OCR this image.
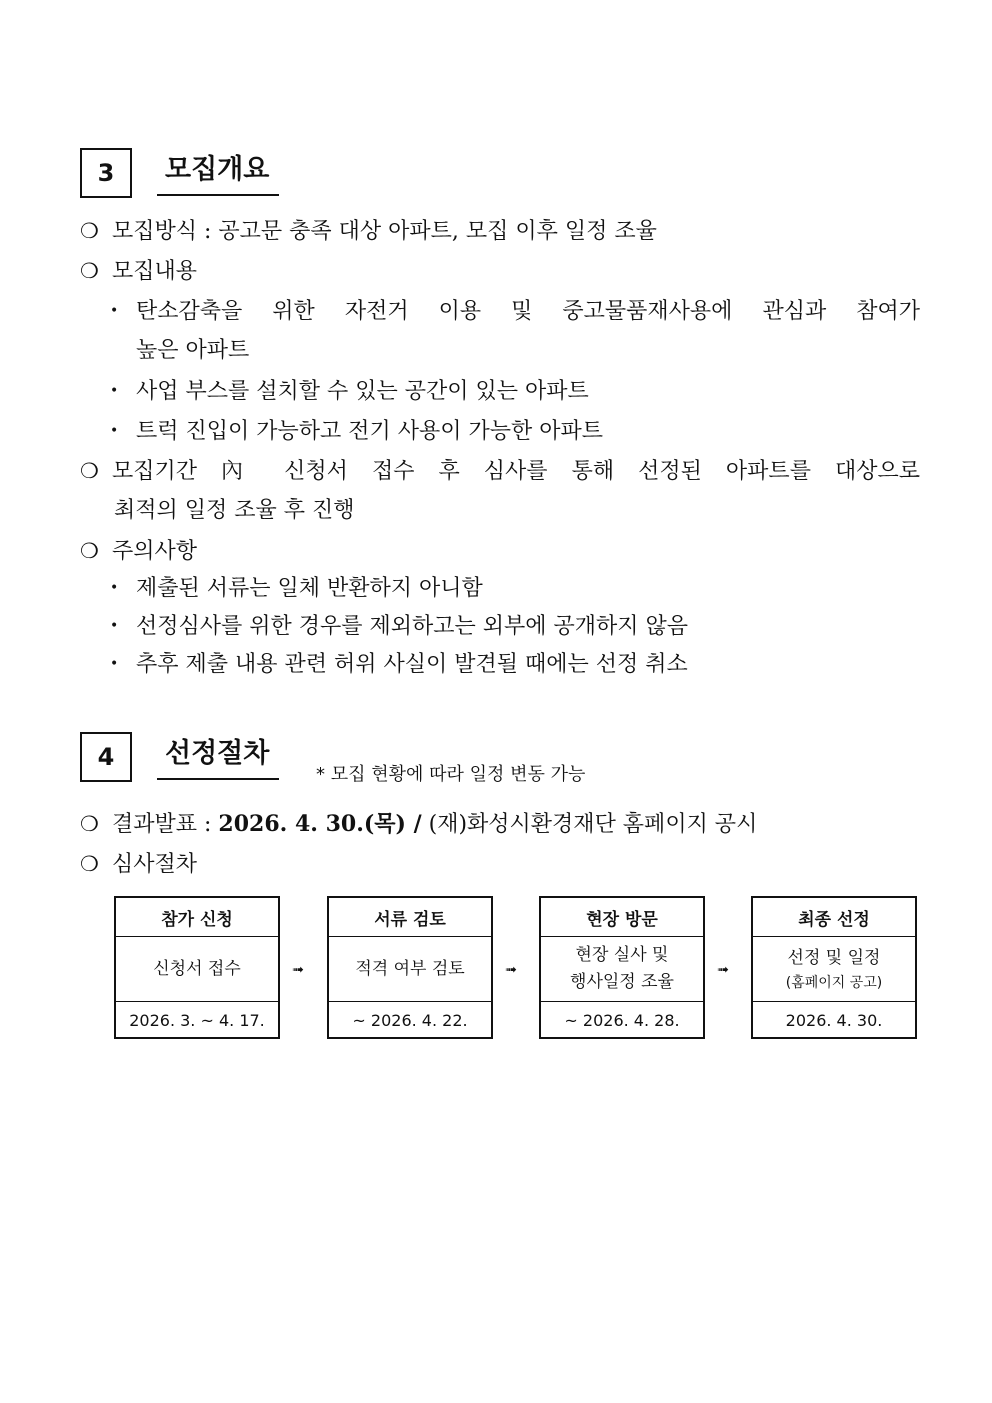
3	모집개요
❍ 모집방식 : 공고문 충족 대상 아파트, 모집 이후 일정 조율
❍ 모집내용
• 탄소감축을 위한 자전거 이용 및 중고물품재사용에 관심과 참여가
높은 아파트
• 사업 부스를 설치할 수 있는 공간이 있는 아파트
• 트럭 진입이 가능하고 전기 사용이 가능한 아파트
❍ 모집기간 內 신청서 접수 후 심사를 통해 선정된 아파트를 대상으로
최적의 일정 조율 후 진행
❍ 주의사항
• 제출된 서류는 일체 반환하지 아니함
• 선정심사를 위한 경우를 제외하고는 외부에 공개하지 않음
• 추후 제출 내용 관련 허위 사실이 발견될 때에는 선정 취소
4	선정절차
* 모집 현황에 따라 일정 변동 가능
❍ 결과발표 : 2026. 4. 30.(목) / (재)화성시환경재단 홈페이지 공시
❍ 심사절차
참가 신청
신청서 접수
2026. 3. ~ 4. 17.
➟
서류 검토
적격 여부 검토
~ 2026. 4. 22.
➟
현장 방문
현장 실사 및
행사일정 조율
~ 2026. 4. 28.
➟
최종 선정
선정 및 일정
(홈페이지 공고)
2026. 4. 30.
